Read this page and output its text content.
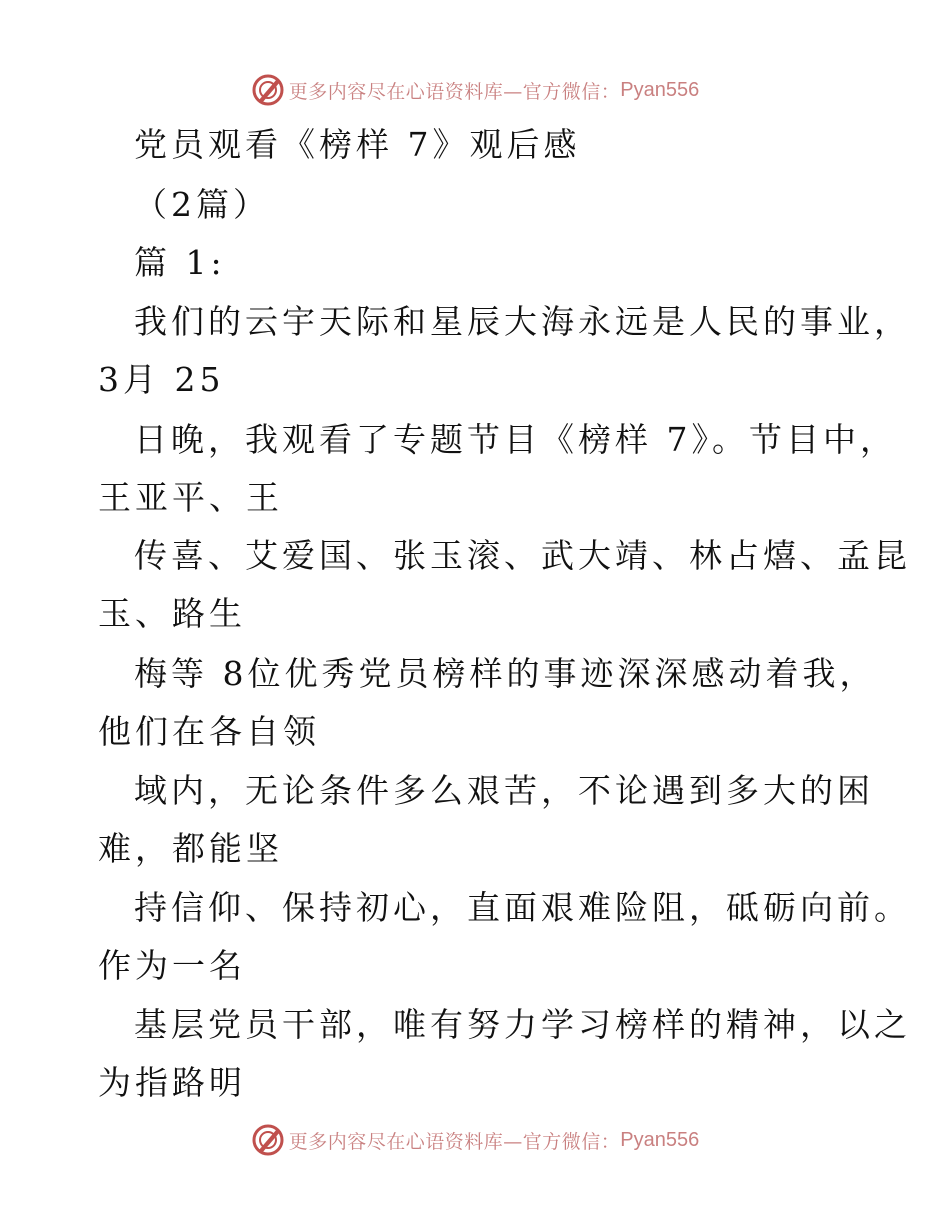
更多内容尽在心语资料库—官方微信： Pyan556
党员观看《榜样 7》观后感
（2篇）
篇 1:
我们的云宇天际和星辰大海永远是人民的事业，
3月 25
日晚，我观看了专题节目《榜样 7》。节目中，
王亚平、王
传喜、艾爱国、张玉滚、武大靖、林占熺、孟昆
玉、路生
梅等 8位优秀党员榜样的事迹深深感动着我，
他们在各自领
域内，无论条件多么艰苦，不论遇到多大的困
难，都能坚
持信仰、保持初心，直面艰难险阻，砥砺向前。
作为一名
基层党员干部，唯有努力学习榜样的精神，以之
为指路明
更多内容尽在心语资料库—官方微信： Pyan556
